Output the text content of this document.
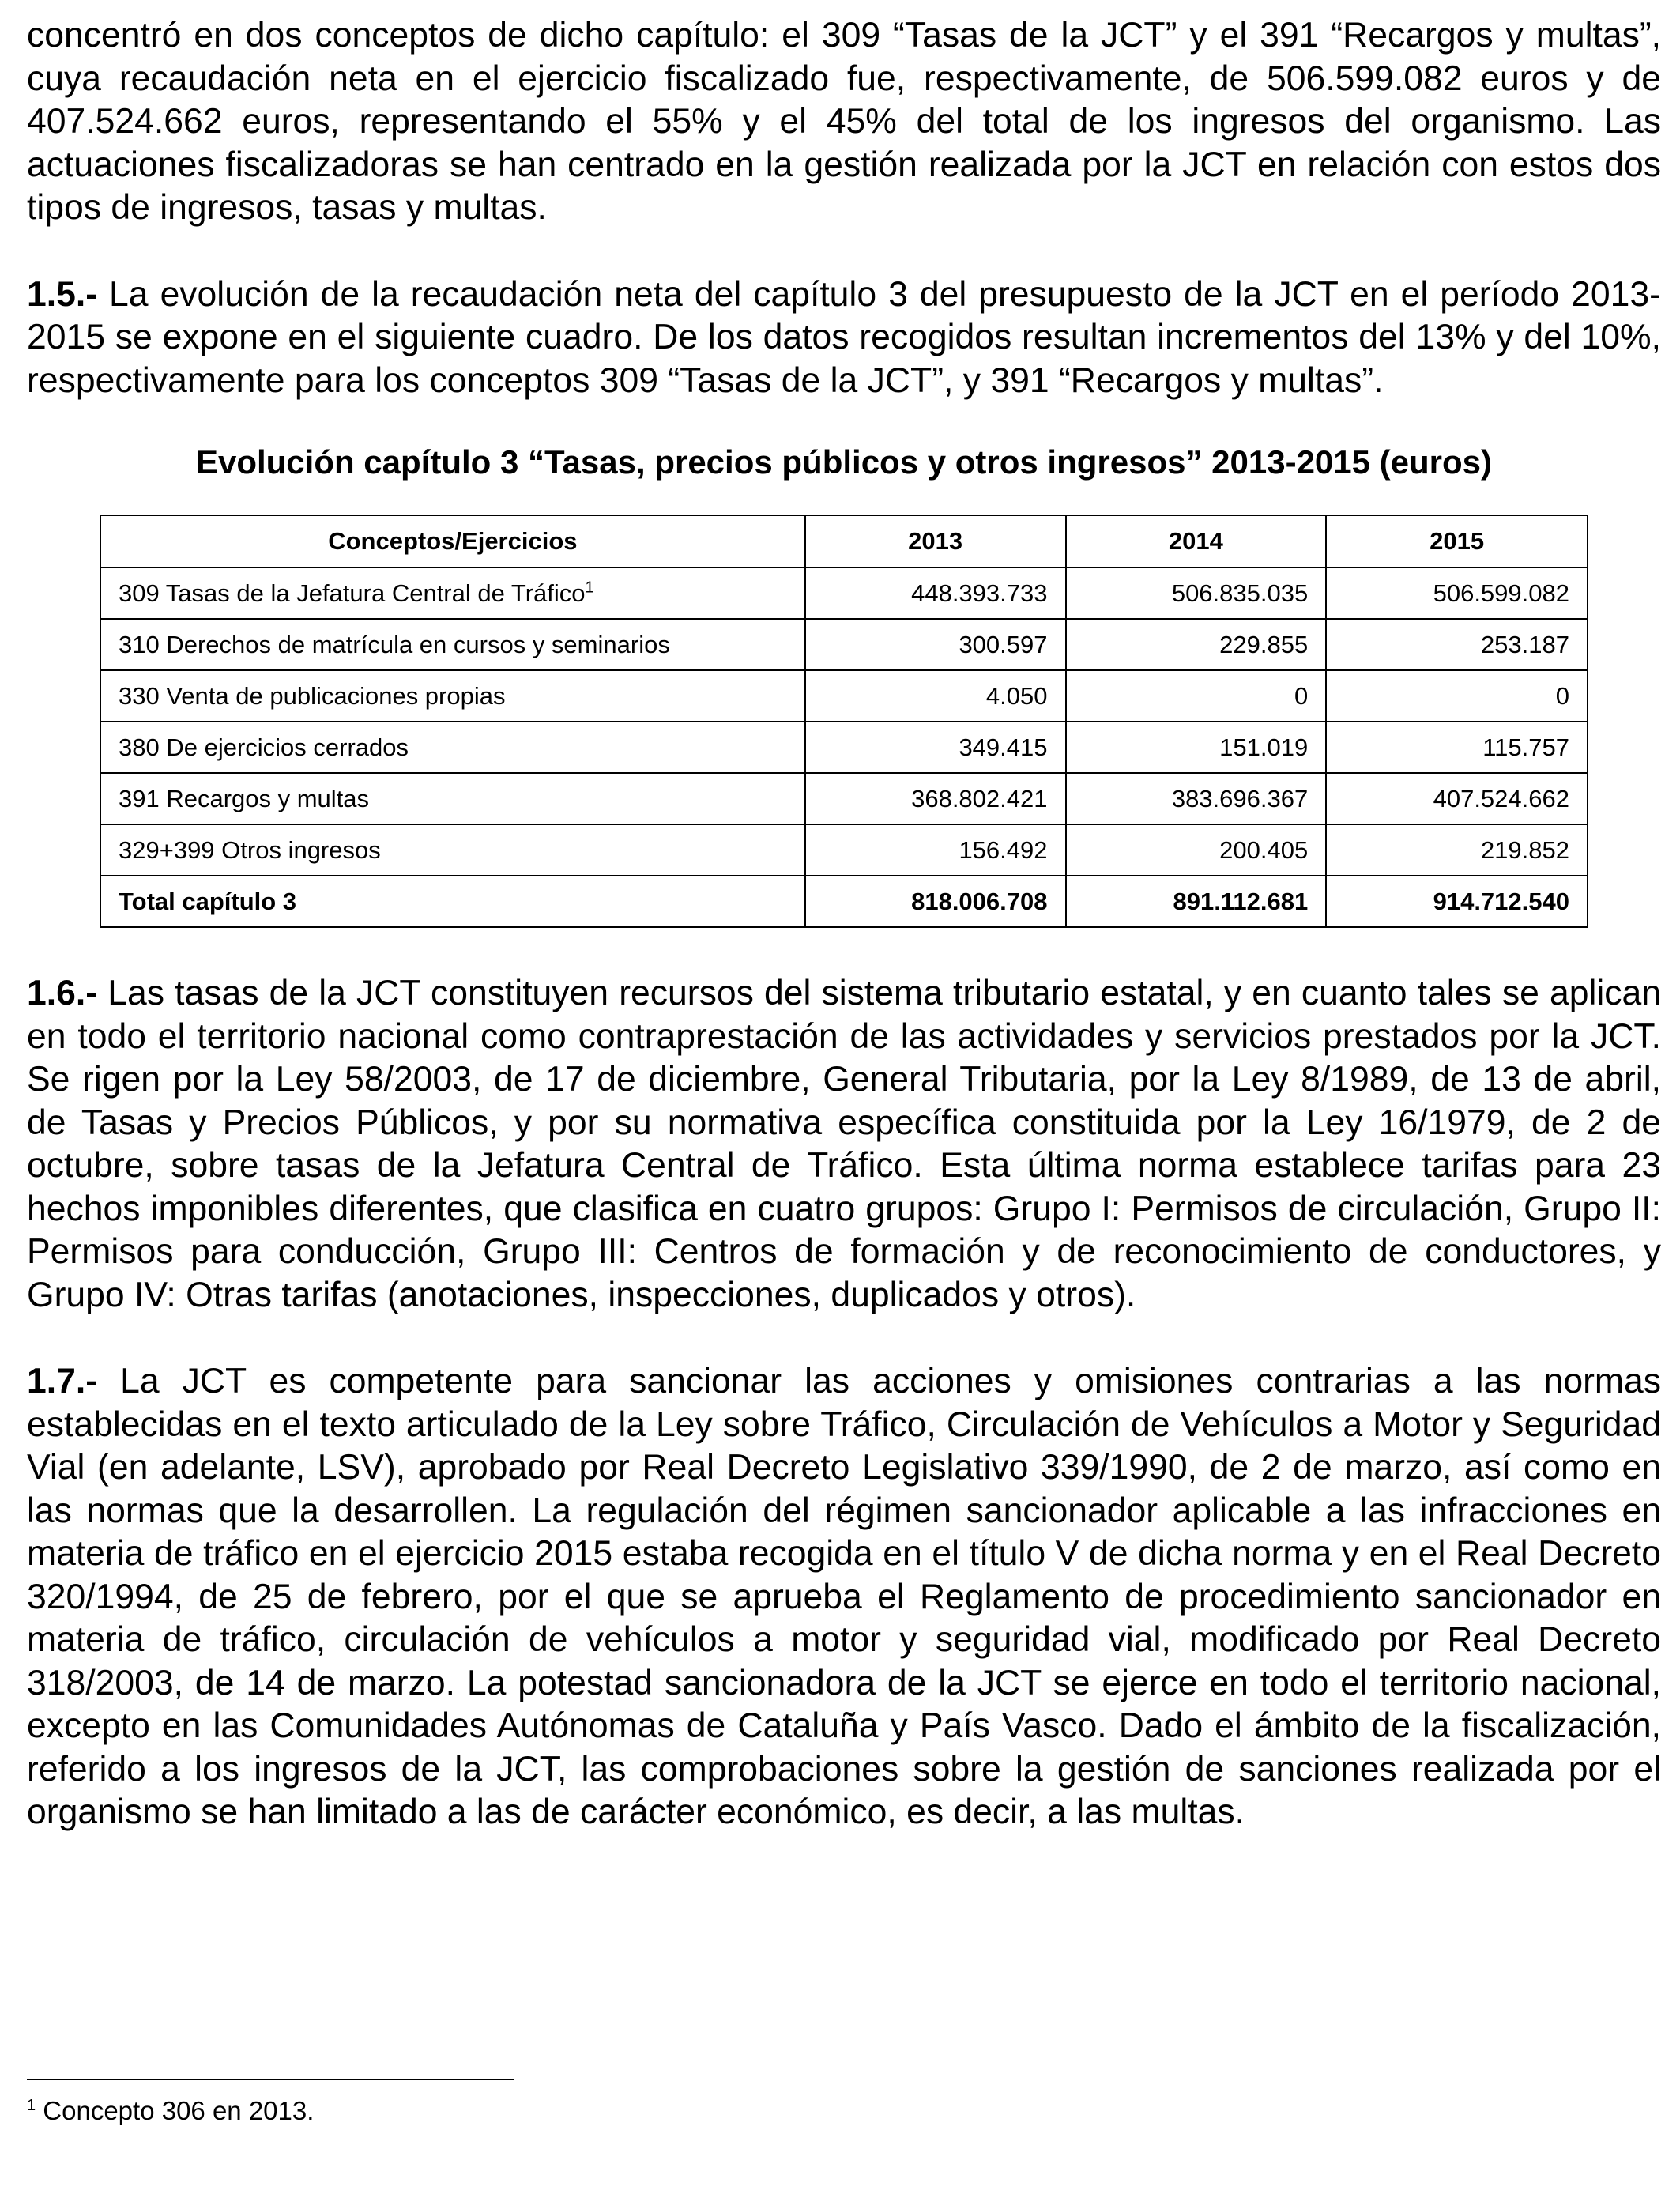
concentró en dos conceptos de dicho capítulo: el 309 “Tasas de la JCT” y el 391 “Recargos y multas”, cuya recaudación neta en el ejercicio fiscalizado fue, respectivamente, de 506.599.082 euros y de 407.524.662 euros, representando el 55% y el 45% del total de los ingresos del organismo. Las actuaciones fiscalizadoras se han centrado en la gestión realizada por la JCT en relación con estos dos tipos de ingresos, tasas y multas.

1.5.- La evolución de la recaudación neta del capítulo 3 del presupuesto de la JCT en el período 2013-2015 se expone en el siguiente cuadro. De los datos recogidos resultan incrementos del 13% y del 10%, respectivamente para los conceptos 309 “Tasas de la JCT”, y 391 “Recargos y multas”.

Evolución capítulo 3 “Tasas, precios públicos y otros ingresos” 2013-2015 (euros)

Conceptos/Ejercicios	2013	2014	2015
309 Tasas de la Jefatura Central de Tráfico$^1$	448.393.733	506.835.035	506.599.082
310 Derechos de matrícula en cursos y seminarios	300.597	229.855	253.187
330 Venta de publicaciones propias	4.050	0	0
380 De ejercicios cerrados	349.415	151.019	115.757
391 Recargos y multas	368.802.421	383.696.367	407.524.662
329+399 Otros ingresos	156.492	200.405	219.852
Total capítulo 3	818.006.708	891.112.681	914.712.540

1.6.- Las tasas de la JCT constituyen recursos del sistema tributario estatal, y en cuanto tales se aplican en todo el territorio nacional como contraprestación de las actividades y servicios prestados por la JCT. Se rigen por la Ley 58/2003, de 17 de diciembre, General Tributaria, por la Ley 8/1989, de 13 de abril, de Tasas y Precios Públicos, y por su normativa específica constituida por la Ley 16/1979, de 2 de octubre, sobre tasas de la Jefatura Central de Tráfico. Esta última norma establece tarifas para 23 hechos imponibles diferentes, que clasifica en cuatro grupos: Grupo I: Permisos de circulación, Grupo II: Permisos para conducción, Grupo III: Centros de formación y de reconocimiento de conductores, y Grupo IV: Otras tarifas (anotaciones, inspecciones, duplicados y otros).

1.7.- La JCT es competente para sancionar las acciones y omisiones contrarias a las normas establecidas en el texto articulado de la Ley sobre Tráfico, Circulación de Vehículos a Motor y Seguridad Vial (en adelante, LSV), aprobado por Real Decreto Legislativo 339/1990, de 2 de marzo, así como en las normas que la desarrollen. La regulación del régimen sancionador aplicable a las infracciones en materia de tráfico en el ejercicio 2015 estaba recogida en el título V de dicha norma y en el Real Decreto 320/1994, de 25 de febrero, por el que se aprueba el Reglamento de procedimiento sancionador en materia de tráfico, circulación de vehículos a motor y seguridad vial, modificado por Real Decreto 318/2003, de 14 de marzo. La potestad sancionadora de la JCT se ejerce en todo el territorio nacional, excepto en las Comunidades Autónomas de Cataluña y País Vasco. Dado el ámbito de la fiscalización, referido a los ingresos de la JCT, las comprobaciones sobre la gestión de sanciones realizada por el organismo se han limitado a las de carácter económico, es decir, a las multas.

$^1$ Concepto 306 en 2013.
